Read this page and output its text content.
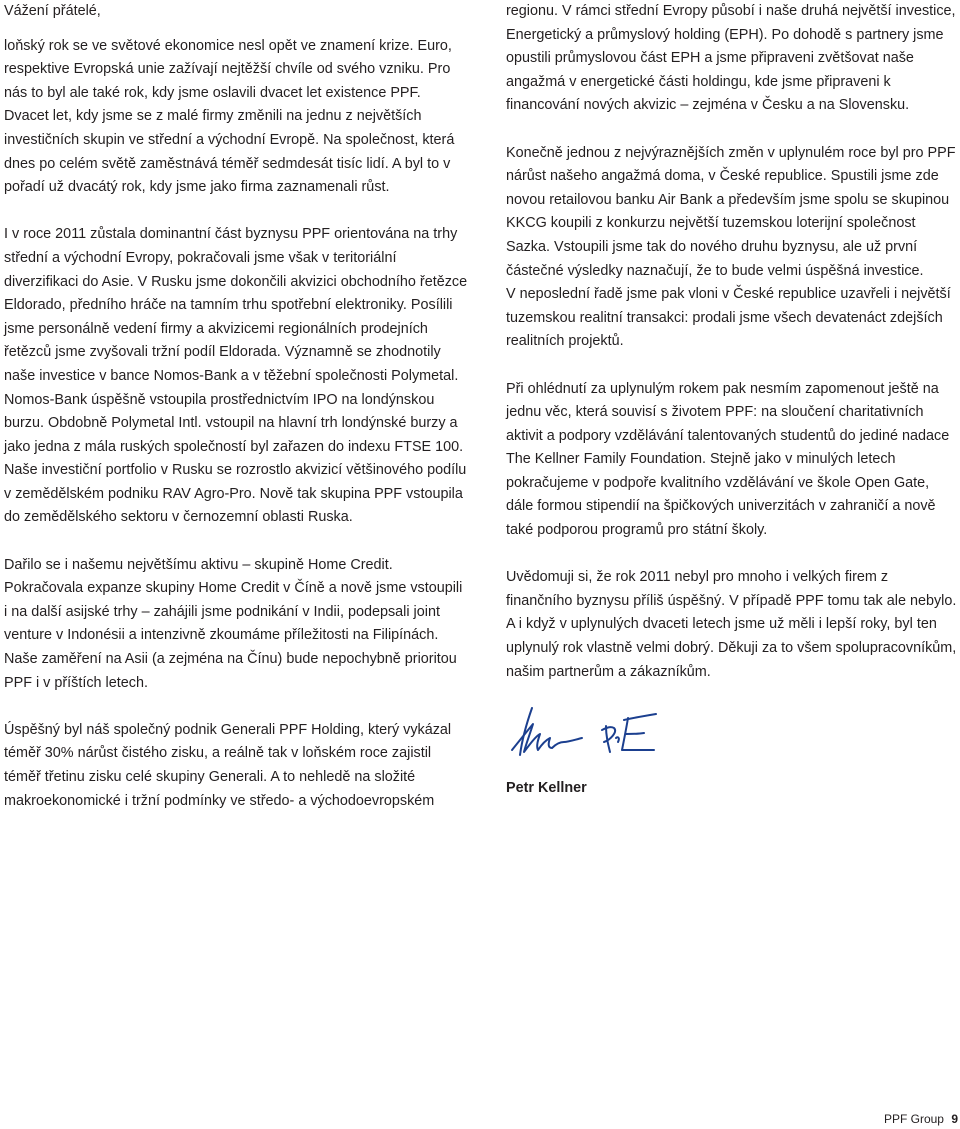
Vážení přátelé,

loňský rok se ve světové ekonomice nesl opět ve znamení krize. Euro, respektive Evropská unie zažívají nejtěžší chvíle od svého vzniku. Pro nás to byl ale také rok, kdy jsme oslavili dvacet let existence PPF. Dvacet let, kdy jsme se z malé firmy změnili na jednu z největších investičních skupin ve střední a východní Evropě. Na společnost, která dnes po celém světě zaměstnává téměř sedmdesát tisíc lidí. A byl to v pořadí už dvacátý rok, kdy jsme jako firma zaznamenali růst.

I v roce 2011 zůstala dominantní část byznysu PPF orientována na trhy střední a východní Evropy, pokračovali jsme však v teritoriální diverzifikaci do Asie. V Rusku jsme dokončili akvizici obchodního řetězce Eldorado, předního hráče na tamním trhu spotřební elektroniky. Posílili jsme personálně vedení firmy a akvizicemi regionálních prodejních řetězců jsme zvyšovali tržní podíl Eldorada. Významně se zhodnotily naše investice v bance Nomos-Bank a v těžební společnosti Polymetal. Nomos-Bank úspěšně vstoupila prostřednictvím IPO na londýnskou burzu. Obdobně Polymetal Intl. vstoupil na hlavní trh londýnské burzy a jako jedna z mála ruských společností byl zařazen do indexu FTSE 100. Naše investiční portfolio v Rusku se rozrostlo akvizicí většinového podílu v zemědělském podniku RAV Agro-Pro. Nově tak skupina PPF vstoupila do zemědělského sektoru v černozemní oblasti Ruska.

Dařilo se i našemu největšímu aktivu – skupině Home Credit. Pokračovala expanze skupiny Home Credit v Číně a nově jsme vstoupili i na další asijské trhy – zahájili jsme podnikání v Indii, podepsali joint venture v Indonésii a intenzivně zkoumáme příležitosti na Filipínách. Naše zaměření na Asii (a zejména na Čínu) bude nepochybně prioritou PPF i v příštích letech.

Úspěšný byl náš společný podnik Generali PPF Holding, který vykázal téměř 30% nárůst čistého zisku, a reálně tak v loňském roce zajistil téměř třetinu zisku celé skupiny Generali. A to nehledě na složité makroekonomické i tržní podmínky ve středo- a východoevropském

regionu. V rámci střední Evropy působí i naše druhá největší investice, Energetický a průmyslový holding (EPH). Po dohodě s partnery jsme opustili průmyslovou část EPH a jsme připraveni zvětšovat naše angažmá v energetické části holdingu, kde jsme připraveni k financování nových akvizic – zejména v Česku a na Slovensku.

Konečně jednou z nejvýraznějších změn v uplynulém roce byl pro PPF nárůst našeho angažmá doma, v České republice. Spustili jsme zde novou retailovou banku Air Bank a především jsme spolu se skupinou KKCG koupili z konkurzu největší tuzemskou loterijní společnost Sazka. Vstoupili jsme tak do nového druhu byznysu, ale už první částečné výsledky naznačují, že to bude velmi úspěšná investice.

V neposlední řadě jsme pak vloni v České republice uzavřeli i největší tuzemskou realitní transakci: prodali jsme všech devatenáct zdejších realitních projektů.

Při ohlédnutí za uplynulým rokem pak nesmím zapomenout ještě na jednu věc, která souvisí s životem PPF: na sloučení charitativních aktivit a podpory vzdělávání talentovaných studentů do jediné nadace The Kellner Family Foundation. Stejně jako v minulých letech pokračujeme v podpoře kvalitního vzdělávání ve škole Open Gate, dále formou stipendií na špičkových univerzitách v zahraničí a nově také podporou programů pro státní školy.

Uvědomuji si, že rok 2011 nebyl pro mnoho i velkých firem z finančního byznysu příliš úspěšný. V případě PPF tomu tak ale nebylo. A i když v uplynulých dvaceti letech jsme už měli i lepší roky, byl ten uplynulý rok vlastně velmi dobrý. Děkuji za to všem spolupracovníkům, našim partnerům a zákazníkům.

Petr Kellner
PPF Group 9
